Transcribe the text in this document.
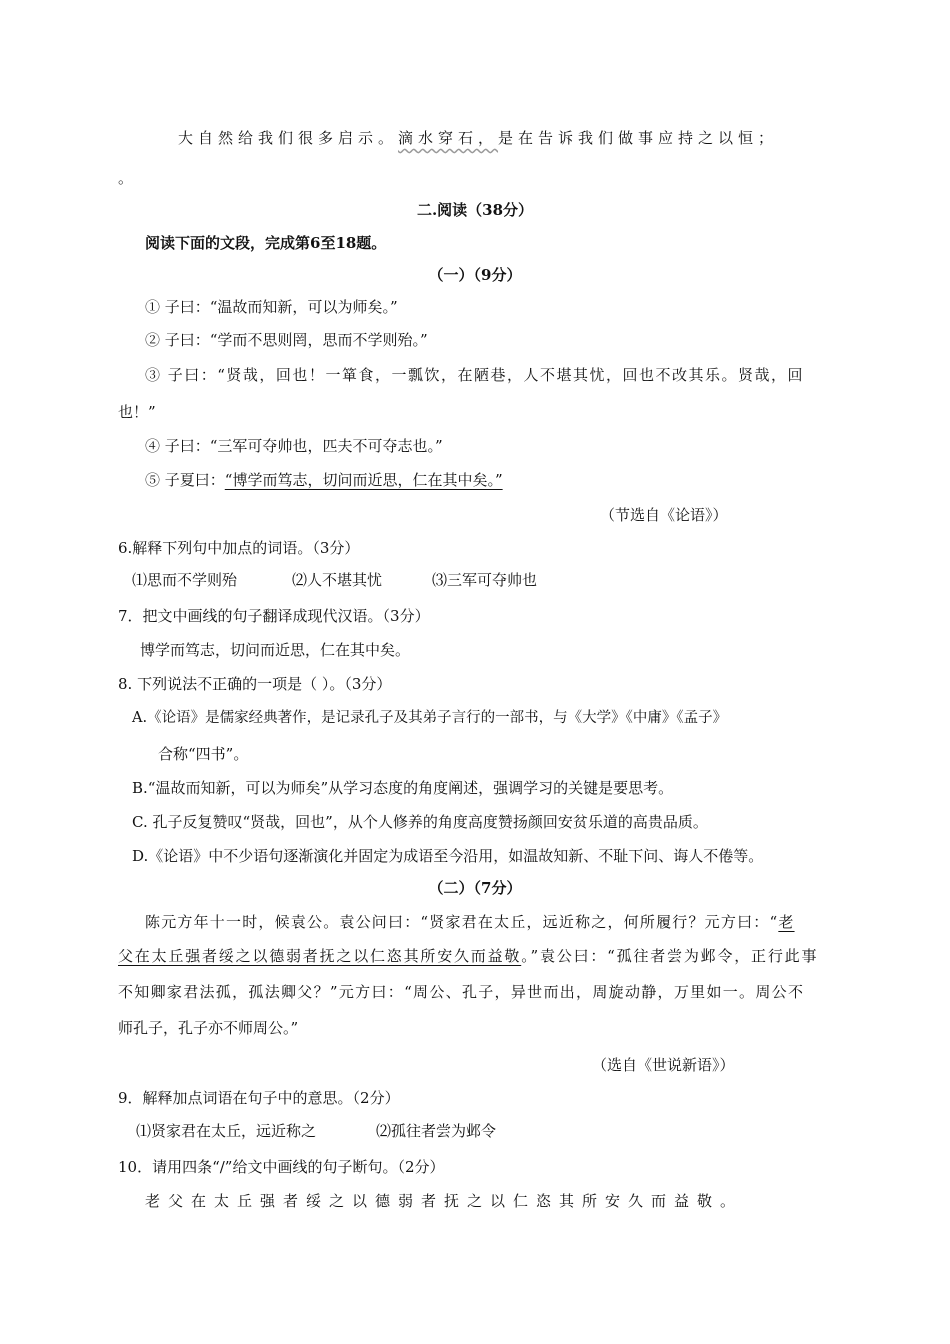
大自然给我们很多启示。滴水穿石，是在告诉我们做事应持之以恒；
。
二.阅读（38分）
阅读下面的文段，完成第6至18题。
（一）（9分）
① 子曰：“温故而知新，可以为师矣。”
② 子曰：“学而不思则罔，思而不学则殆。”
③ 子曰：“贤哉，回也！一箪食，一瓢饮，在陋巷，人不堪其忧，回也不改其乐。贤哉，回
也！”
④ 子曰：“三军可夺帅也，匹夫不可夺志也。”
⑤ 子夏曰：“博学而笃志，切问而近思，仁在其中矣。”
（节选自《论语》）
6.解释下列句中加点的词语。（3分）
⑴思而不学则殆	⑵人不堪其忧	⑶三军可夺帅也
7．把文中画线的句子翻译成现代汉语。（3分）
博学而笃志，切问而近思，仁在其中矣。
8. 下列说法不正确的一项是（ ）。（3分）
A.《论语》是儒家经典著作，是记录孔子及其弟子言行的一部书，与《大学》《中庸》《孟子》
合称“四书”。
B.“温故而知新，可以为师矣”从学习态度的角度阐述，强调学习的关键是要思考。
C. 孔子反复赞叹“贤哉，回也”，从个人修养的角度高度赞扬颜回安贫乐道的高贵品质。
D.《论语》中不少语句逐渐演化并固定为成语至今沿用，如温故知新、不耻下问、诲人不倦等。
（二）（7分）
陈元方年十一时，候袁公。袁公问曰：“贤家君在太丘，远近称之，何所履行？元方曰：“老
父在太丘强者绥之以德弱者抚之以仁恣其所安久而益敬。”袁公曰：“孤往者尝为邺令，正行此事
不知卿家君法孤，孤法卿父？”元方曰：“周公、孔子，异世而出，周旋动静，万里如一。周公不
师孔子，孔子亦不师周公。”
（选自《世说新语》）
9．解释加点词语在句子中的意思。（2分）
⑴贤家君在太丘，远近称之	⑵孤往者尝为邺令
10．请用四条“/”给文中画线的句子断句。（2分）
老父在太丘强者绥之以德弱者抚之以仁恣其所安久而益敬。
